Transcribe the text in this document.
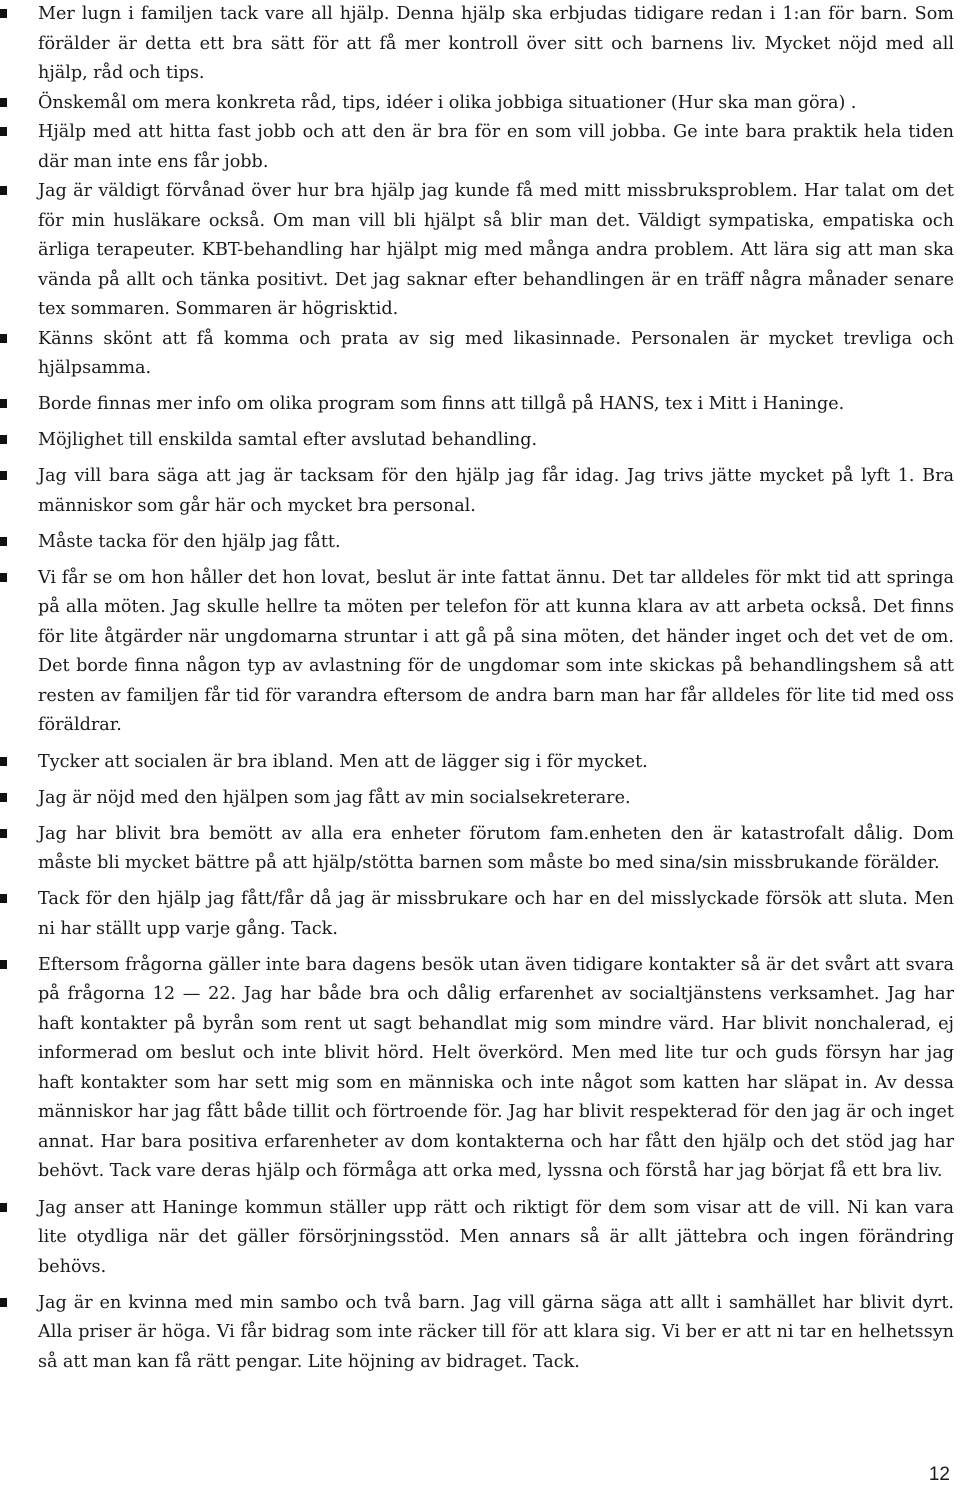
Mer lugn i familjen tack vare all hjälp. Denna hjälp ska erbjudas tidigare redan i 1:an för barn. Som förälder är detta ett bra sätt för att få mer kontroll över sitt och barnens liv. Mycket nöjd med all hjälp, råd och tips.
Önskemål om mera konkreta råd, tips, idéer i olika jobbiga situationer (Hur ska man göra) .
Hjälp med att hitta fast jobb och att den är bra för en som vill jobba. Ge inte bara praktik hela tiden där man inte ens får jobb.
Jag är väldigt förvånad över hur bra hjälp jag kunde få med mitt missbruksproblem. Har talat om det för min husläkare också. Om man vill bli hjälpt så blir man det. Väldigt sympatiska, empatiska och ärliga terapeuter. KBT-behandling har hjälpt mig med många andra problem. Att lära sig att man ska vända på allt och tänka positivt. Det jag saknar efter behandlingen är en träff några månader senare tex sommaren. Sommaren är högrisktid.
Känns skönt att få komma och prata av sig med likasinnade. Personalen är mycket trevliga och hjälpsamma.
Borde finnas mer info om olika program som finns att tillgå på HANS, tex i Mitt i Haninge.
Möjlighet till enskilda samtal efter avslutad behandling.
Jag vill bara säga att jag är tacksam för den hjälp jag får idag. Jag trivs jätte mycket på lyft 1. Bra människor som går här och mycket bra personal.
Måste tacka för den hjälp jag fått.
Vi får se om hon håller det hon lovat, beslut är inte fattat ännu. Det tar alldeles för mkt tid att springa på alla möten. Jag skulle hellre ta möten per telefon för att kunna klara av att arbeta också. Det finns för lite åtgärder när ungdomarna struntar i att gå på sina möten, det händer inget och det vet de om. Det borde finna någon typ av avlastning för de ungdomar som inte skickas på behandlingshem så att resten av familjen får tid för varandra eftersom de andra barn man har får alldeles för lite tid med oss föräldrar.
Tycker att socialen är bra ibland. Men att de lägger sig i för mycket.
Jag är nöjd med den hjälpen som jag fått av min socialsekreterare.
Jag har blivit bra bemött av alla era enheter förutom fam.enheten den är katastrofalt dålig. Dom måste bli mycket bättre på att hjälp/stötta barnen som måste bo med sina/sin missbrukande förälder.
Tack för den hjälp jag fått/får då jag är missbrukare och har en del misslyckade försök att sluta. Men ni har ställt upp varje gång. Tack.
Eftersom frågorna gäller inte bara dagens besök utan även tidigare kontakter så är det svårt att svara på frågorna 12 — 22. Jag har både bra och dålig erfarenhet av socialtjänstens verksamhet. Jag har haft kontakter på byrån som rent ut sagt behandlat mig som mindre värd. Har blivit nonchalerad, ej informerad om beslut och inte blivit hörd. Helt överkörd. Men med lite tur och guds försyn har jag haft kontakter som har sett mig som en människa och inte något som katten har släpat in. Av dessa människor har jag fått både tillit och förtroende för. Jag har blivit respekterad för den jag är och inget annat. Har bara positiva erfarenheter av dom kontakterna och har fått den hjälp och det stöd jag har behövt. Tack vare deras hjälp och förmåga att orka med, lyssna och förstå har jag börjat få ett bra liv.
Jag anser att Haninge kommun ställer upp rätt och riktigt för dem som visar att de vill. Ni kan vara lite otydliga när det gäller försörjningsstöd. Men annars så är allt jättebra och ingen förändring behövs.
Jag är en kvinna med min sambo och två barn. Jag vill gärna säga att allt i samhället har blivit dyrt. Alla priser är höga. Vi får bidrag som inte räcker till för att klara sig. Vi ber er att ni tar en helhetssyn så att man kan få rätt pengar. Lite höjning av bidraget. Tack.
12
